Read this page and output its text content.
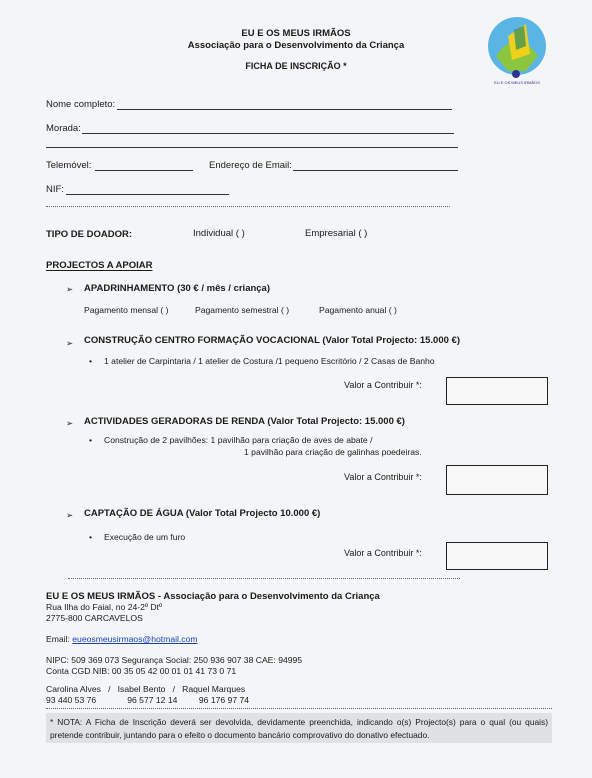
EU E OS MEUS IRMÃOS
Associação para o Desenvolvimento da Criança
FICHA DE INSCRIÇÃO *
EU E OS MEUS IRMÃOS
Nome completo:
Morada:
Telemóvel:	Endereço de Email:
NIF:
TIPO DE DOADOR:	Individual ( )	Empresarial ( )
PROJECTOS A APOIAR
➢ APADRINHAMENTO (30 € / mês / criança)
Pagamento mensal ( )	Pagamento semestral ( )	Pagamento anual ( )
➢ CONSTRUÇÃO CENTRO FORMAÇÃO VOCACIONAL (Valor Total Projecto: 15.000 €)
• 1 atelier de Carpintaria / 1 atelier de Costura /1 pequeno Escritório / 2 Casas de Banho
Valor a Contribuir *:
➢ ACTIVIDADES GERADORAS DE RENDA (Valor Total Projecto: 15.000 €)
• Construção de 2 pavilhões: 1 pavilhão para criação de aves de abate /
1 pavilhão para criação de galinhas poedeiras.
Valor a Contribuir *:
➢ CAPTAÇÃO DE ÁGUA (Valor Total Projecto 10.000 €)
• Execução de um furo
Valor a Contribuir *:
EU E OS MEUS IRMÃOS - Associação para o Desenvolvimento da Criança
Rua Ilha do Faial, no 24-2º Dtº
2775-800 CARCAVELOS
Email: eueosmeusirmaos@hotmail.com
NIPC: 509 369 073 Segurança Social: 250 936 907 38 CAE: 94995
Conta CGD NIB: 00 35 05 42 00 01 01 41 73 0 71
Carolina Alves   /   Isabel Bento   /   Raquel Marques
93 440 53 76             96 577 12 14         96 176 97 74
* NOTA: A Ficha de Inscrição deverá ser devolvida, devidamente preenchida, indicando o(s) Projecto(s) para o qual (ou quais) pretende contribuir, juntando para o efeito o documento bancário comprovativo do donativo efectuado.
